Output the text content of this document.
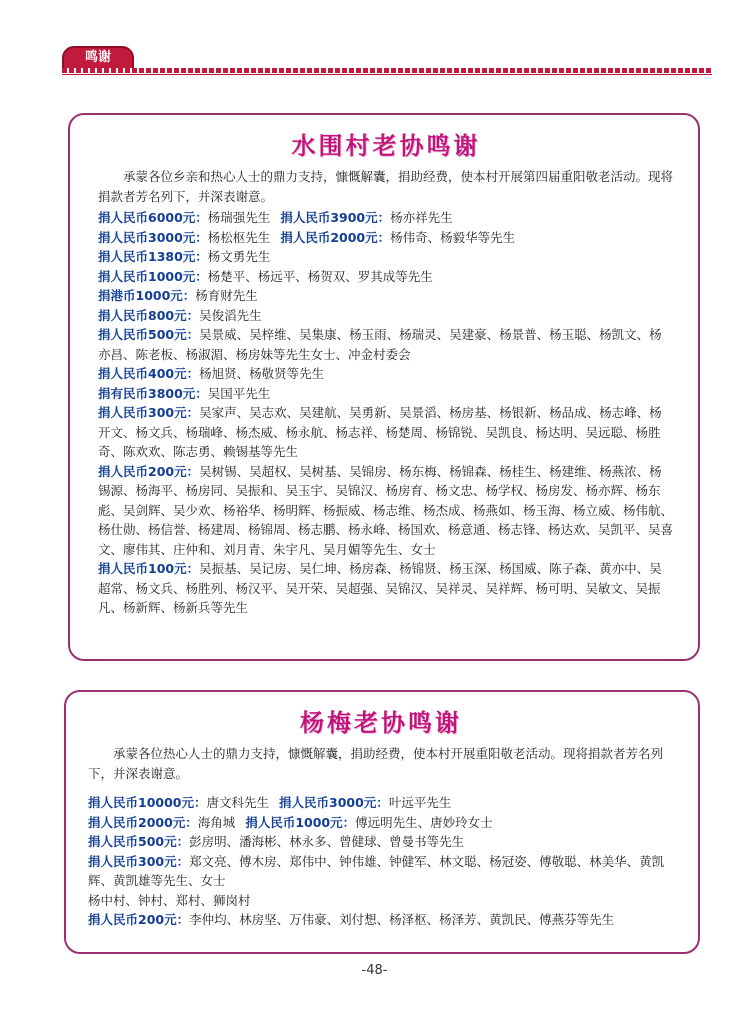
鸣谢
水围村老协鸣谢

承蒙各位乡亲和热心人士的鼎力支持，慷慨解囊，捐助经费，使本村开展第四届重阳敬老活动。现将捐款者芳名列下，并深表谢意。

捐人民币6000元：杨瑞强先生 捐人民币3900元：杨亦祥先生

捐人民币3000元：杨松枢先生 捐人民币2000元：杨伟奇、杨毅华等先生

捐人民币1380元：杨文勇先生

捐人民币1000元：杨楚平、杨远平、杨贺双、罗其成等先生

捐港币1000元：杨育财先生

捐人民币800元：吴俊滔先生

捐人民币500元：吴景威、吴梓维、吴集康、杨玉雨、杨瑞灵、吴建豪、杨景普、杨玉聪、杨凯文、杨亦昌、陈老板、杨淑湄、杨房妹等先生女士、冲金村委会

捐人民币400元：杨旭贤、杨敬贤等先生

捐有民币3800元：吴国平先生

捐人民币300元：吴家声、吴志欢、吴建航、吴勇新、吴景滔、杨房基、杨银新、杨品成、杨志峰、杨开文、杨文兵、杨瑞峰、杨杰威、杨永航、杨志祥、杨楚周、杨锦锐、吴凯良、杨达明、吴远聪、杨胜奇、陈欢欢、陈志勇、赖锡基等先生

捐人民币200元：吴树锡、吴超权、吴树基、吴锦房、杨东梅、杨锦森、杨桂生、杨建维、杨燕浓、杨锡源、杨海平、杨房同、吴振和、吴玉宇、吴锦汉、杨房育、杨文忠、杨学权、杨房发、杨亦辉、杨东彪、吴剑辉、吴少欢、杨裕华、杨明辉、杨振威、杨志维、杨杰成、杨燕如、杨玉海、杨立威、杨伟航、杨仕勋、杨信誉、杨建周、杨锦周、杨志鹏、杨永峰、杨国欢、杨意通、杨志锋、杨达欢、吴凯平、吴喜文、廖伟其、庄仲和、刘月青、朱宇凡、吴月媚等先生、女士

捐人民币100元：吴振基、吴记房、吴仁坤、杨房森、杨锦贤、杨玉深、杨国威、陈子森、黄亦中、吴超常、杨文兵、杨胜列、杨汉平、吴开荣、吴超强、吴锦汉、吴祥灵、吴祥辉、杨可明、吴敏文、吴振凡、杨新辉、杨新兵等先生

杨梅老协鸣谢

承蒙各位热心人士的鼎力支持，慷慨解囊，捐助经费，使本村开展重阳敬老活动。现将捐款者芳名列下，并深表谢意。

捐人民币10000元：唐文科先生 捐人民币3000元：叶远平先生

捐人民币2000元：海角城 捐人民币1000元：傅远明先生、唐妙玲女士

捐人民币500元：彭房明、潘海彬、林永多、曾健球、曾曼书等先生

捐人民币300元：郑文亮、傅木房、郑伟中、钟伟雄、钟健军、林文聪、杨冠姿、傅敬聪、林美华、黄凯辉、黄凯雄等先生、女士

杨中村、钟村、郑村、狮岗村

捐人民币200元：李仲均、林房坚、万伟豪、刘付想、杨泽枢、杨泽芳、黄凯民、傅燕芬等先生

-48-
